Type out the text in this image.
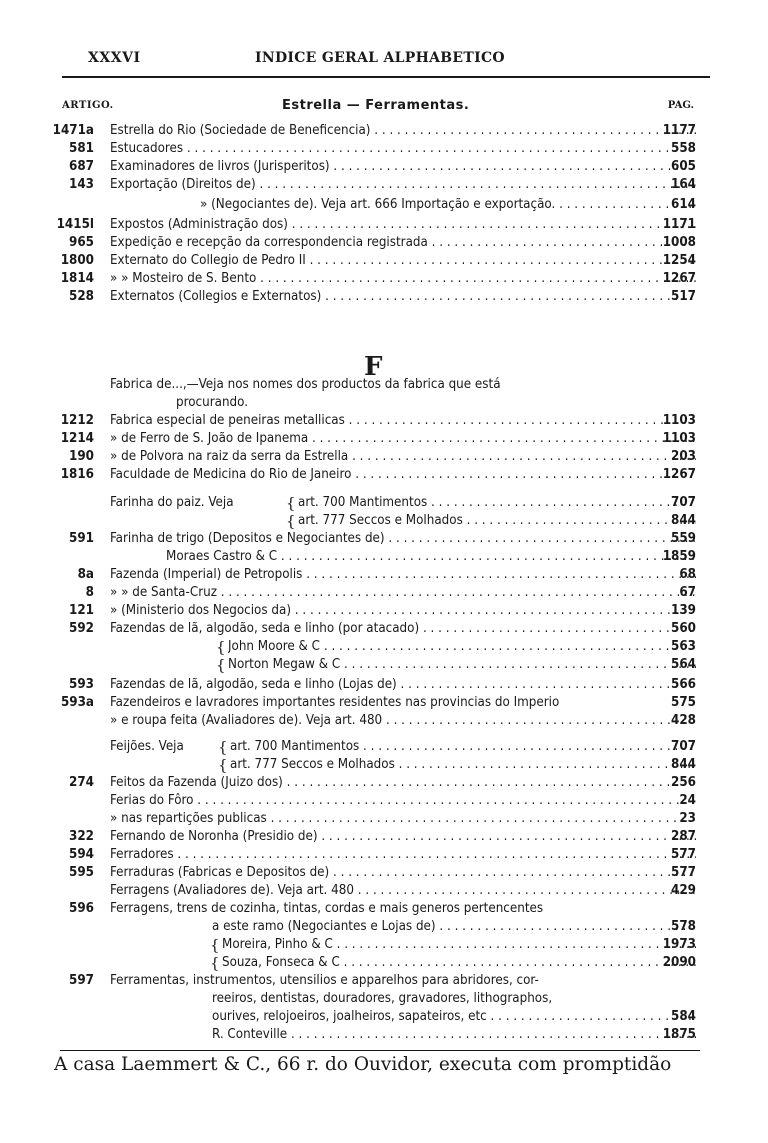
XXXVI	INDICE GERAL ALPHABETICO
ARTIGO.	Estrella — Ferramentas.	PAG.
1471a Estrella do Rio (Sociedade de Beneficencia) . . .	1177
581 Estucadores . . .	558
687 Examinadores de livros (Jurisperitos) . . .	605
143 Exportação (Direitos de) . . .	164
» (Negociantes de). Veja art. 666 Importação e exportação. . . .	614
1415l Expostos (Administração dos) . . .	1171
965 Expedição e recepção da correspondencia registrada . . .	1008
1800 Externato do Collegio de Pedro II . . .	1254
1814 » » Mosteiro de S. Bento . . .	1267
528 Externatos (Collegios e Externatos) . . .	517
Fabrica de...,—Veja nos nomes dos productos da fabrica que está
procurando.
1212 Fabrica especial de peneiras metallicas . . .	1103
1214 » de Ferro de S. João de Ipanema . . .	1103
190 » de Polvora na raiz da serra da Estrella . . .	203
1816 Faculdade de Medicina do Rio de Janeiro . . .	1267
Farinha do paiz. Veja	art. 700 Mantimentos . . .	707
art. 777 Seccos e Molhados . . .	844
591 Farinha de trigo (Depositos e Negociantes de) . . .	559
Moraes Castro & C . . .	1859
8a Fazenda (Imperial) de Petropolis . . .	68
8 » » de Santa-Cruz . . .	67
121 » (Ministerio dos Negocios da) . . .	139
592 Fazendas de lã, algodão, seda e linho (por atacado) . . .	560
John Moore & C . . .	563
Norton Megaw & C . . .	564
593 Fazendas de lã, algodão, seda e linho (Lojas de) . . .	566
593a Fazendeiros e lavradores importantes residentes nas provincias do Imperio	575
» e roupa feita (Avaliadores de). Veja art. 480 . . .	428
Feijões. Veja	art. 700 Mantimentos . . .	707
art. 777 Seccos e Molhados . . .	844
274 Feitos da Fazenda (Juizo dos) . . .	256
Ferias do Fôro . . .	24
» nas repartições publicas . . .	23
322 Fernando de Noronha (Presidio de) . . .	287
594 Ferradores . . .	577
595 Ferraduras (Fabricas e Depositos de) . . .	577
Ferragens (Avaliadores de). Veja art. 480 . . .	429
596 Ferragens, trens de cozinha, tintas, cordas e mais generos pertencentes
a este ramo (Negociantes e Lojas de) . . .	578
Moreira, Pinho & C . . .	1973
Souza, Fonseca & C . . .	2090
597 Ferramentas, instrumentos, utensilios e apparelhos para abridores, cor-
reeiros, dentistas, douradores, gravadores, lithographos,
ourives, relojoeiros, joalheiros, sapateiros, etc . . .	584
R. Conteville . . .	1875
F
A casa Laemmert & C., 66 r. do Ouvidor, executa com promptidão
{
{
{
{
{
{
{
{
